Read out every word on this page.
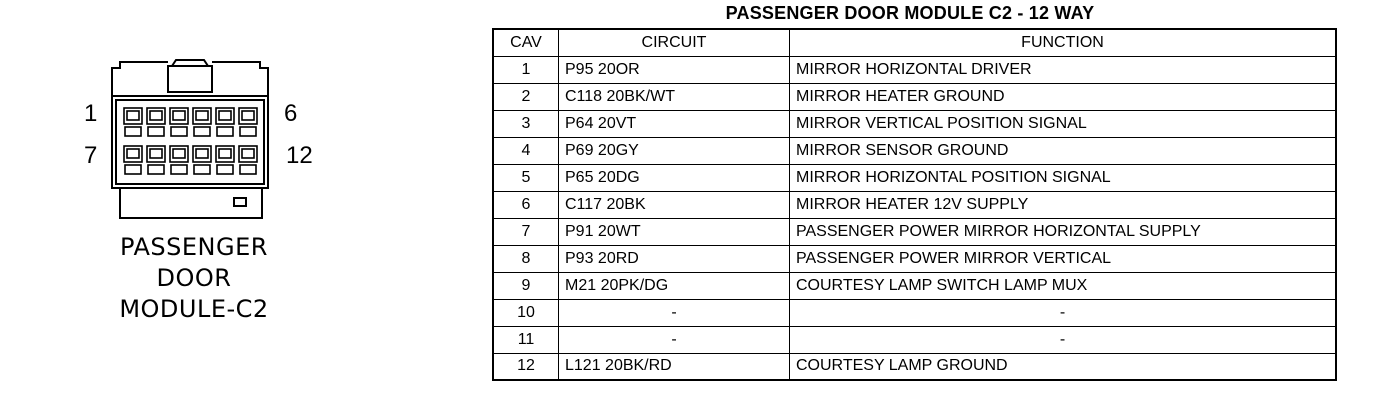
1	6
7	12
PASSENGER
DOOR
MODULE-C2
PASSENGER DOOR MODULE C2 - 12 WAY
CAV	CIRCUIT	FUNCTION
1	P95 20OR	MIRROR HORIZONTAL DRIVER
2	C118 20BK/WT	MIRROR HEATER GROUND
3	P64 20VT	MIRROR VERTICAL POSITION SIGNAL
4	P69 20GY	MIRROR SENSOR GROUND
5	P65 20DG	MIRROR HORIZONTAL POSITION SIGNAL
6	C117 20BK	MIRROR HEATER 12V SUPPLY
7	P91 20WT	PASSENGER POWER MIRROR HORIZONTAL SUPPLY
8	P93 20RD	PASSENGER POWER MIRROR VERTICAL
9	M21 20PK/DG	COURTESY LAMP SWITCH LAMP MUX
10	-	-
11	-	-
12	L121 20BK/RD	COURTESY LAMP GROUND
